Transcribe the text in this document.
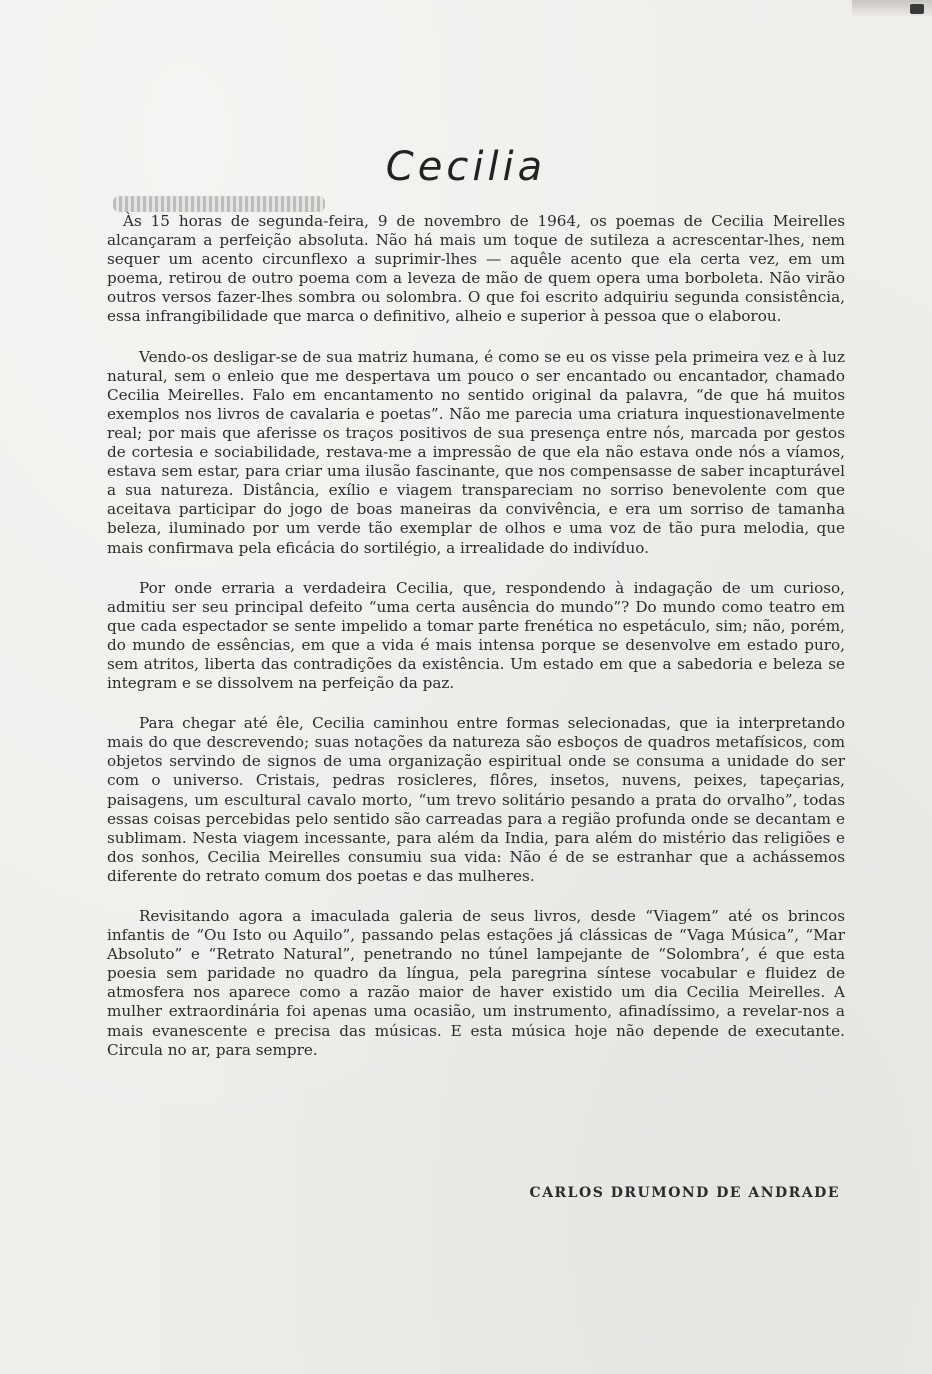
Cecilia

Às 15 horas de segunda-feira, 9 de novembro de 1964, os poemas de Cecilia Meirelles alcançaram a perfeição absoluta. Não há mais um toque de sutileza a acrescentar-lhes, nem sequer um acento circunflexo a suprimir-lhes — aquêle acento que ela certa vez, em um poema, retirou de outro poema com a leveza de mão de quem opera uma borboleta. Não virão outros versos fazer-lhes sombra ou solombra. O que foi escrito adquiriu segunda consistência, essa infrangibilidade que marca o definitivo, alheio e superior à pessoa que o elaborou.

Vendo-os desligar-se de sua matriz humana, é como se eu os visse pela primeira vez e à luz natural, sem o enleio que me despertava um pouco o ser encantado ou encantador, chamado Cecilia Meirelles. Falo em encantamento no sentido original da palavra, “de que há muitos exemplos nos livros de cavalaria e poetas”. Não me parecia uma criatura inquestionavelmente real; por mais que aferisse os traços positivos de sua presença entre nós, marcada por gestos de cortesia e sociabilidade, restava-me a impressão de que ela não estava onde nós a víamos, estava sem estar, para criar uma ilusão fascinante, que nos compensasse de saber incapturável a sua natureza. Distância, exílio e viagem transpareciam no sorriso benevolente com que aceitava participar do jogo de boas maneiras da convivência, e era um sorriso de tamanha beleza, iluminado por um verde tão exemplar de olhos e uma voz de tão pura melodia, que mais confirmava pela eficácia do sortilégio, a irrealidade do indivíduo.

Por onde erraria a verdadeira Cecilia, que, respondendo à indagação de um curioso, admitiu ser seu principal defeito “uma certa ausência do mundo”? Do mundo como teatro em que cada espectador se sente impelido a tomar parte frenética no espetáculo, sim; não, porém, do mundo de essências, em que a vida é mais intensa porque se desenvolve em estado puro, sem atritos, liberta das contradições da existência. Um estado em que a sabedoria e beleza se integram e se dissolvem na perfeição da paz.

Para chegar até êle, Cecilia caminhou entre formas selecionadas, que ia interpretando mais do que descrevendo; suas notações da natureza são esboços de quadros metafísicos, com objetos servindo de signos de uma organização espiritual onde se consuma a unidade do ser com o universo. Cristais, pedras rosicleres, flôres, insetos, nuvens, peixes, tapeçarias, paisagens, um escultural cavalo morto, “um trevo solitário pesando a prata do orvalho”, todas essas coisas percebidas pelo sentido são carreadas para a região profunda onde se decantam e sublimam. Nesta viagem incessante, para além da India, para além do mistério das religiões e dos sonhos, Cecilia Meirelles consumiu sua vida: Não é de se estranhar que a achássemos diferente do retrato comum dos poetas e das mulheres.

Revisitando agora a imaculada galeria de seus livros, desde “Viagem” até os brincos infantis de “Ou Isto ou Aquilo”, passando pelas estações já clássicas de “Vaga Música”, “Mar Absoluto” e “Retrato Natural”, penetrando no túnel lampejante de “Solombra’, é que esta poesia sem paridade no quadro da língua, pela paregrina síntese vocabular e fluidez de atmosfera nos aparece como a razão maior de haver existido um dia Cecilia Meirelles. A mulher extraordinária foi apenas uma ocasião, um instrumento, afinadíssimo, a revelar-nos a mais evanescente e precisa das músicas. E esta música hoje não depende de executante. Circula no ar, para sempre.

CARLOS DRUMOND DE ANDRADE
